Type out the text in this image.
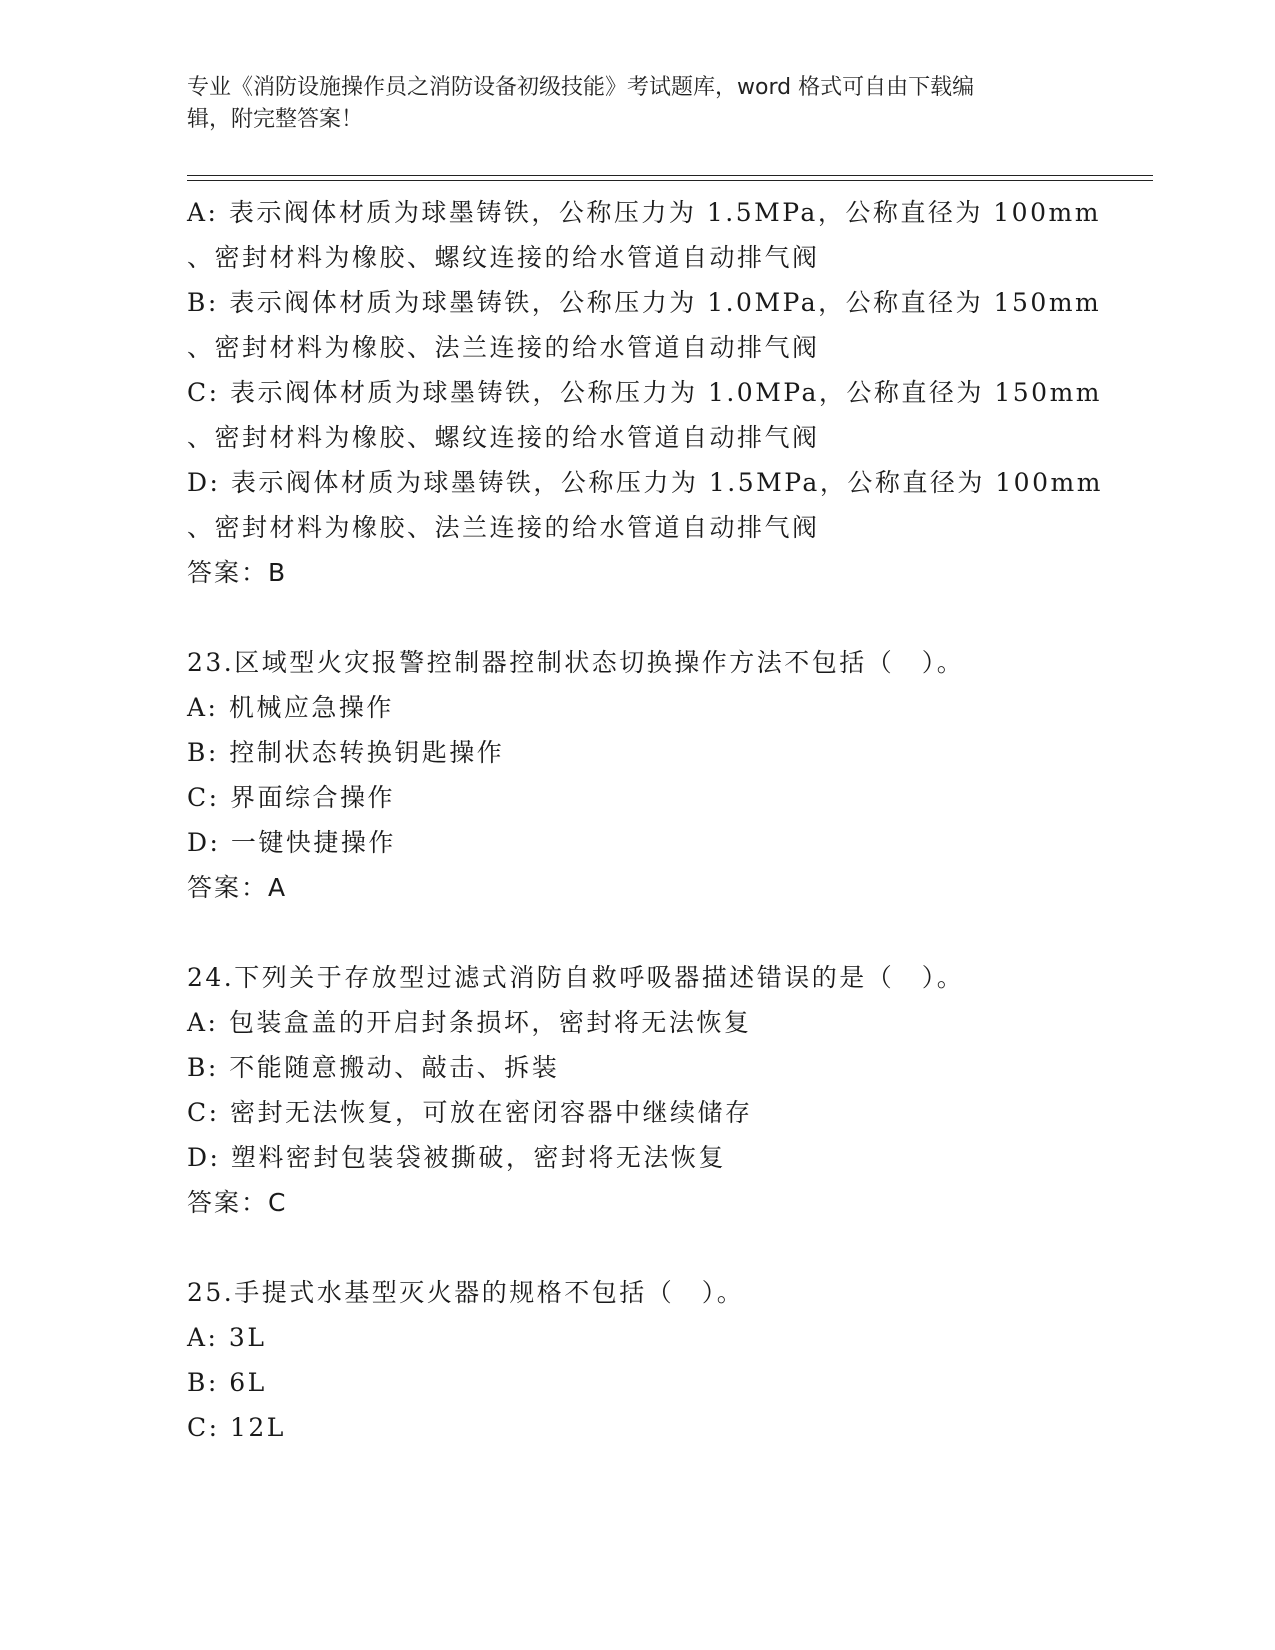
专业《消防设施操作员之消防设备初级技能》考试题库，word 格式可自由下载编
辑，附完整答案！
A: 表示阀体材质为球墨铸铁，公称压力为 1.5MPa，公称直径为 100mm
、密封材料为橡胶、螺纹连接的给水管道自动排气阀
B: 表示阀体材质为球墨铸铁，公称压力为 1.0MPa，公称直径为 150mm
、密封材料为橡胶、法兰连接的给水管道自动排气阀
C: 表示阀体材质为球墨铸铁，公称压力为 1.0MPa，公称直径为 150mm
、密封材料为橡胶、螺纹连接的给水管道自动排气阀
D: 表示阀体材质为球墨铸铁，公称压力为 1.5MPa，公称直径为 100mm
、密封材料为橡胶、法兰连接的给水管道自动排气阀
答案：B
23.区域型火灾报警控制器控制状态切换操作方法不包括（　）。
A: 机械应急操作
B: 控制状态转换钥匙操作
C: 界面综合操作
D: 一键快捷操作
答案：A
24.下列关于存放型过滤式消防自救呼吸器描述错误的是（　）。
A: 包装盒盖的开启封条损坏，密封将无法恢复
B: 不能随意搬动、敲击、拆装
C: 密封无法恢复，可放在密闭容器中继续储存
D: 塑料密封包装袋被撕破，密封将无法恢复
答案：C
25.手提式水基型灭火器的规格不包括（　）。
A: 3L
B: 6L
C: 12L
